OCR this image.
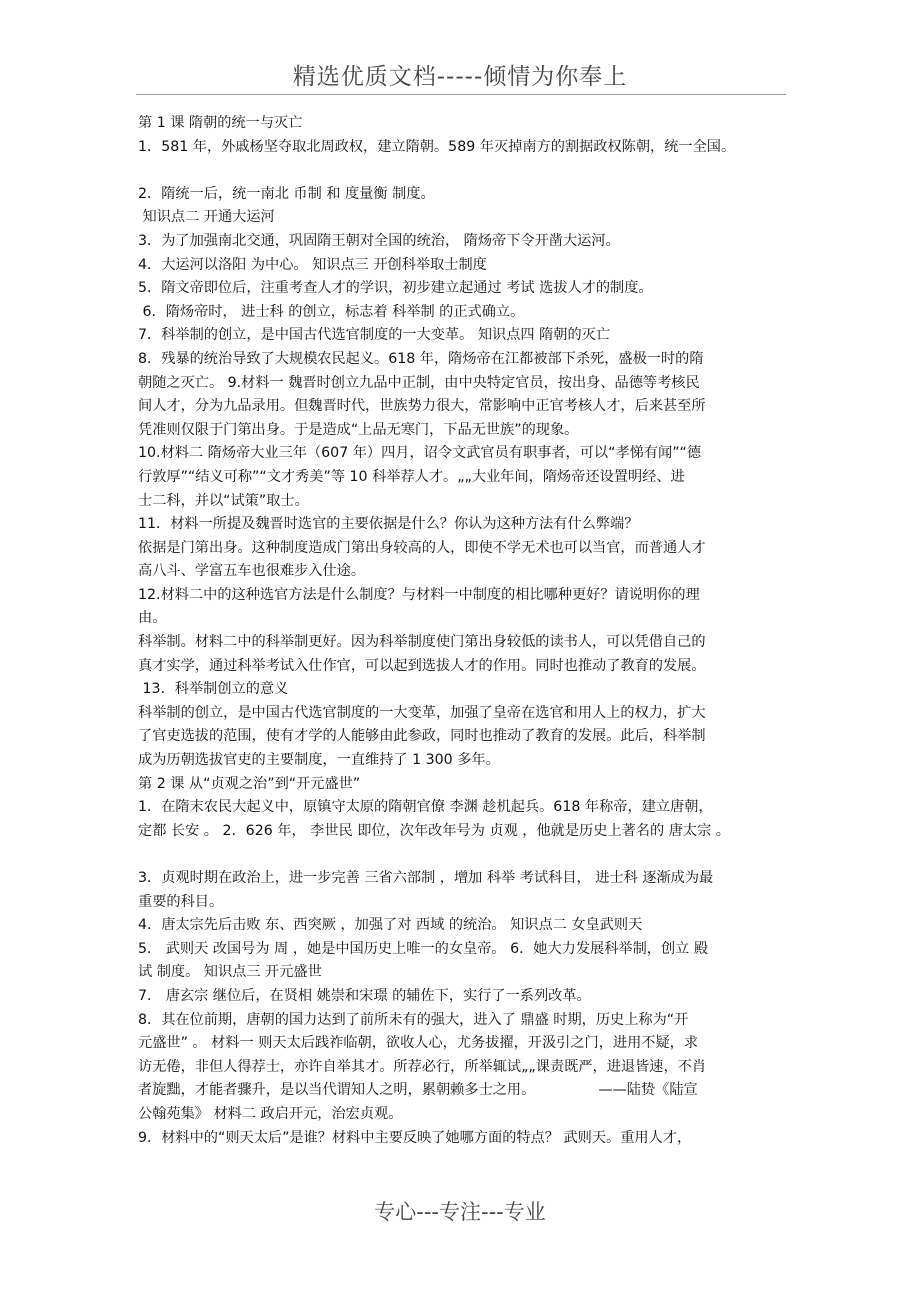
精选优质文档-----倾情为你奉上

第 1 课 隋朝的统一与灭亡

1．581 年，外戚杨坚夺取北周政权，建立隋朝。589 年灭掉南方的割据政权陈朝，统一全国。

2．隋统一后，统一南北 币制 和 度量衡 制度。

知识点二 开通大运河

3．为了加强南北交通，巩固隋王朝对全国的统治， 隋炀帝下令开凿大运河。

4．大运河以洛阳 为中心。 知识点三 开创科举取士制度

5．隋文帝即位后，注重考查人才的学识，初步建立起通过 考试 选拔人才的制度。

6．隋炀帝时， 进士科 的创立，标志着 科举制 的正式确立。

7．科举制的创立，是中国古代选官制度的一大变革。 知识点四 隋朝的灭亡

8．残暴的统治导致了大规模农民起义。618 年，隋炀帝在江都被部下杀死，盛极一时的隋

朝随之灭亡。 9.材料一 魏晋时创立九品中正制，由中央特定官员，按出身、品德等考核民

间人才，分为九品录用。但魏晋时代，世族势力很大，常影响中正官考核人才，后来甚至所

凭准则仅限于门第出身。于是造成“上品无寒门，下品无世族”的现象。

10.材料二 隋炀帝大业三年（607 年）四月，诏令文武官员有职事者，可以“孝悌有闻”“德

行敦厚”“结义可称”“文才秀美”等 10 科举荐人才。„„大业年间，隋炀帝还设置明经、进

士二科，并以“试策”取士。

11．材料一所提及魏晋时选官的主要依据是什么？你认为这种方法有什么弊端？

依据是门第出身。这种制度造成门第出身较高的人，即使不学无术也可以当官，而普通人才

高八斗、学富五车也很难步入仕途。

12.材料二中的这种选官方法是什么制度？与材料一中制度的相比哪种更好？请说明你的理

由。

科举制。材料二中的科举制更好。因为科举制度使门第出身较低的读书人，可以凭借自己的

真才实学，通过科举考试入仕作官，可以起到选拔人才的作用。同时也推动了教育的发展。

13．科举制创立的意义

科举制的创立，是中国古代选官制度的一大变革，加强了皇帝在选官和用人上的权力，扩大

了官吏选拔的范围，使有才学的人能够由此参政，同时也推动了教育的发展。此后，科举制

成为历朝选拔官吏的主要制度，一直维持了 1 300 多年。

第 2 课 从“贞观之治”到“开元盛世”

1．在隋末农民大起义中，原镇守太原的隋朝官僚 李渊 趁机起兵。618 年称帝，建立唐朝，

定都 长安 。 2．626 年， 李世民 即位，次年改年号为 贞观 ，他就是历史上著名的 唐太宗 。

3．贞观时期在政治上，进一步完善 三省六部制 ，增加 科举 考试科目， 进士科 逐渐成为最

重要的科目。

4．唐太宗先后击败 东、西突厥 ，加强了对 西域 的统治。 知识点二 女皇武则天

5． 武则天 改国号为 周 ，她是中国历史上唯一的女皇帝。 6．她大力发展科举制，创立 殿

试 制度。 知识点三 开元盛世

7． 唐玄宗 继位后，在贤相 姚崇和宋璟 的辅佐下，实行了一系列改革。

8．其在位前期，唐朝的国力达到了前所未有的强大，进入了 鼎盛 时期，历史上称为“开

元盛世” 。 材料一 则天太后践祚临朝，欲收人心，尤务拔擢，开汲引之门，进用不疑，求

访无倦，非但人得荐士，亦许自举其才。所荐必行，所举辄试„„课责既严，进退皆速，不肖

者旋黜，才能者骤升，是以当代谓知人之明，累朝赖多士之用。              ——陆贽《陆宣

公翰苑集》 材料二 政启开元，治宏贞观。

9．材料中的“则天太后”是谁？材料中主要反映了她哪方面的特点？ 武则天。重用人才，

专心---专注---专业
